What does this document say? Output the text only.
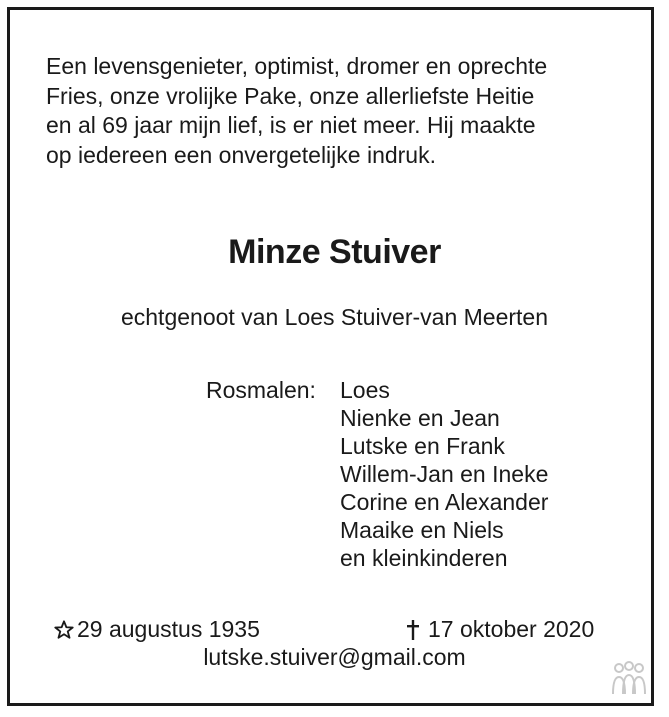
Een levensgenieter, optimist, dromer en oprechte
Fries, onze vrolijke Pake, onze allerliefste Heitie
en al 69 jaar mijn lief, is er niet meer. Hij maakte
op iedereen een onvergetelijke indruk.

Minze Stuiver

echtgenoot van Loes Stuiver-van Meerten

Rosmalen: Loes
Nienke en Jean
Lutske en Frank
Willem-Jan en Ineke
Corine en Alexander
Maaike en Niels
en kleinkinderen
29 augustus 1935	17 oktober 2020
lutske.stuiver@gmail.com
